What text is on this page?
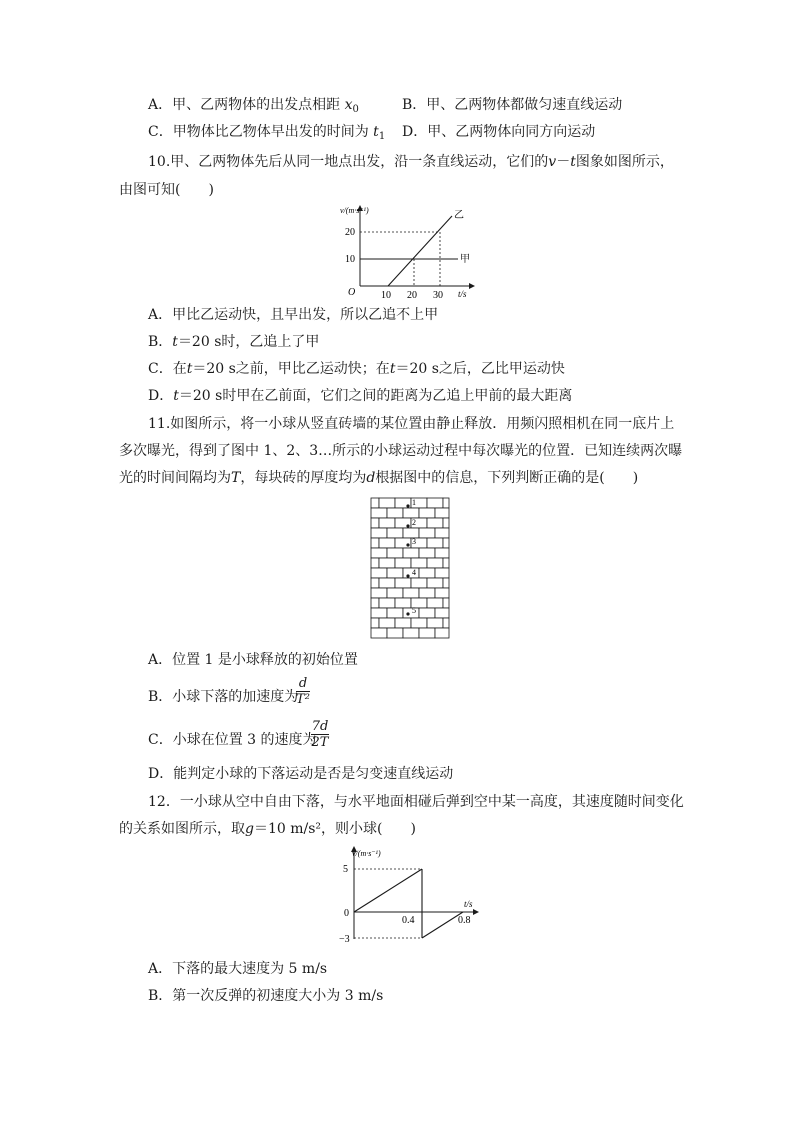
A．甲、乙两物体的出发点相距 $x_0$	B．甲、乙两物体都做匀速直线运动
C．甲物体比乙物体早出发的时间为 $t_1$ D．甲、乙两物体向同方向运动
10.甲、乙两物体先后从同一地点出发，沿一条直线运动，它们的v－t图象如图所示，
由图可知(　　)
v/(m·s⁻¹)
甲
乙
20
10
O	10 20 30 t/s
A．甲比乙运动快，且早出发，所以乙追不上甲
B．t＝20 s时，乙追上了甲
C．在t＝20 s之前，甲比乙运动快；在t＝20 s之后，乙比甲运动快
D．t＝20 s时甲在乙前面，它们之间的距离为乙追上甲前的最大距离
11.如图所示，将一小球从竖直砖墙的某位置由静止释放．用频闪照相机在同一底片上
多次曝光，得到了图中 1、2、3…所示的小球运动过程中每次曝光的位置．已知连续两次曝
光的时间间隔均为T，每块砖的厚度均为d根据图中的信息，下列判断正确的是(　　)
1
2
3
4
5
A．位置 1 是小球释放的初始位置
B．小球下落的加速度为
$\frac{d}{\text{T²}}$
C．小球在位置 3 的速度为
$\frac{7d}{2T}$
D．能判定小球的下落运动是否是匀变速直线运动
12．一小球从空中自由下落，与水平地面相碰后弹到空中某一高度，其速度随时间变化
的关系如图所示，取g＝10 m/s²，则小球(　　)
v/(m·s⁻¹)
5
0
−3
0.4	0.8
t/s
A．下落的最大速度为 5 m/s
B．第一次反弹的初速度大小为 3 m/s
